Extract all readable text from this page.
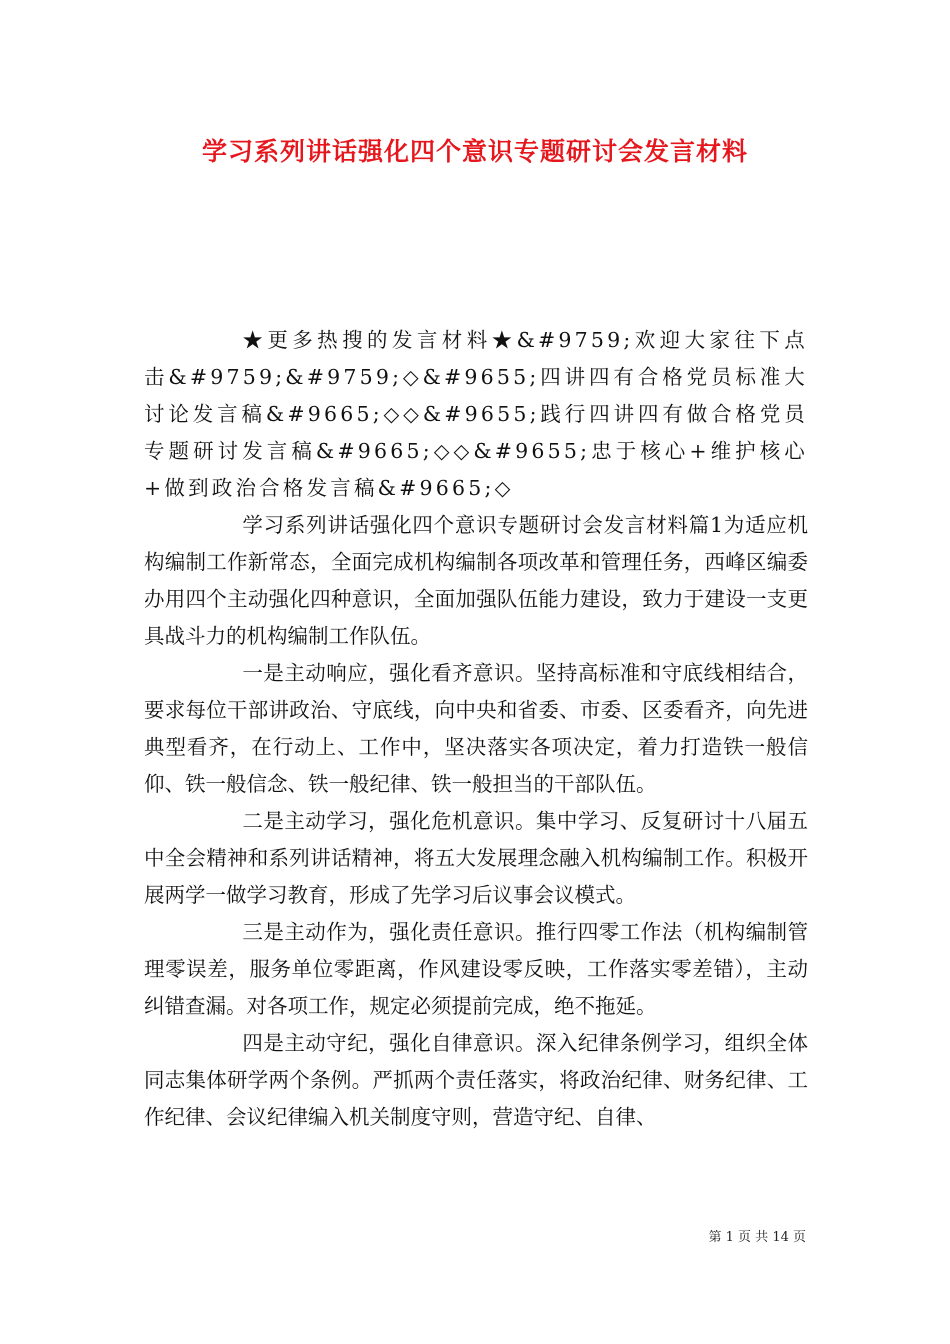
学习系列讲话强化四个意识专题研讨会发言材料

★更多热搜的发言材料★&#9759;欢迎大家往下点击&#9759;&#9759;◇&#9655;四讲四有合格党员标准大讨论发言稿&#9665;◇◇&#9655;践行四讲四有做合格党员专题研讨发言稿&#9665;◇◇&#9655;忠于核心+维护核心+做到政治合格发言稿&#9665;◇

学习系列讲话强化四个意识专题研讨会发言材料篇1为适应机构编制工作新常态，全面完成机构编制各项改革和管理任务，西峰区编委办用四个主动强化四种意识，全面加强队伍能力建设，致力于建设一支更具战斗力的机构编制工作队伍。

一是主动响应，强化看齐意识。坚持高标准和守底线相结合，要求每位干部讲政治、守底线，向中央和省委、市委、区委看齐，向先进典型看齐，在行动上、工作中，坚决落实各项决定，着力打造铁一般信仰、铁一般信念、铁一般纪律、铁一般担当的干部队伍。

二是主动学习，强化危机意识。集中学习、反复研讨十八届五中全会精神和系列讲话精神，将五大发展理念融入机构编制工作。积极开展两学一做学习教育，形成了先学习后议事会议模式。

三是主动作为，强化责任意识。推行四零工作法（机构编制管理零误差，服务单位零距离，作风建设零反映，工作落实零差错），主动纠错查漏。对各项工作，规定必须提前完成，绝不拖延。

四是主动守纪，强化自律意识。深入纪律条例学习，组织全体同志集体研学两个条例。严抓两个责任落实，将政治纪律、财务纪律、工作纪律、会议纪律编入机关制度守则，营造守纪、自律、

第 1 页 共 14 页
